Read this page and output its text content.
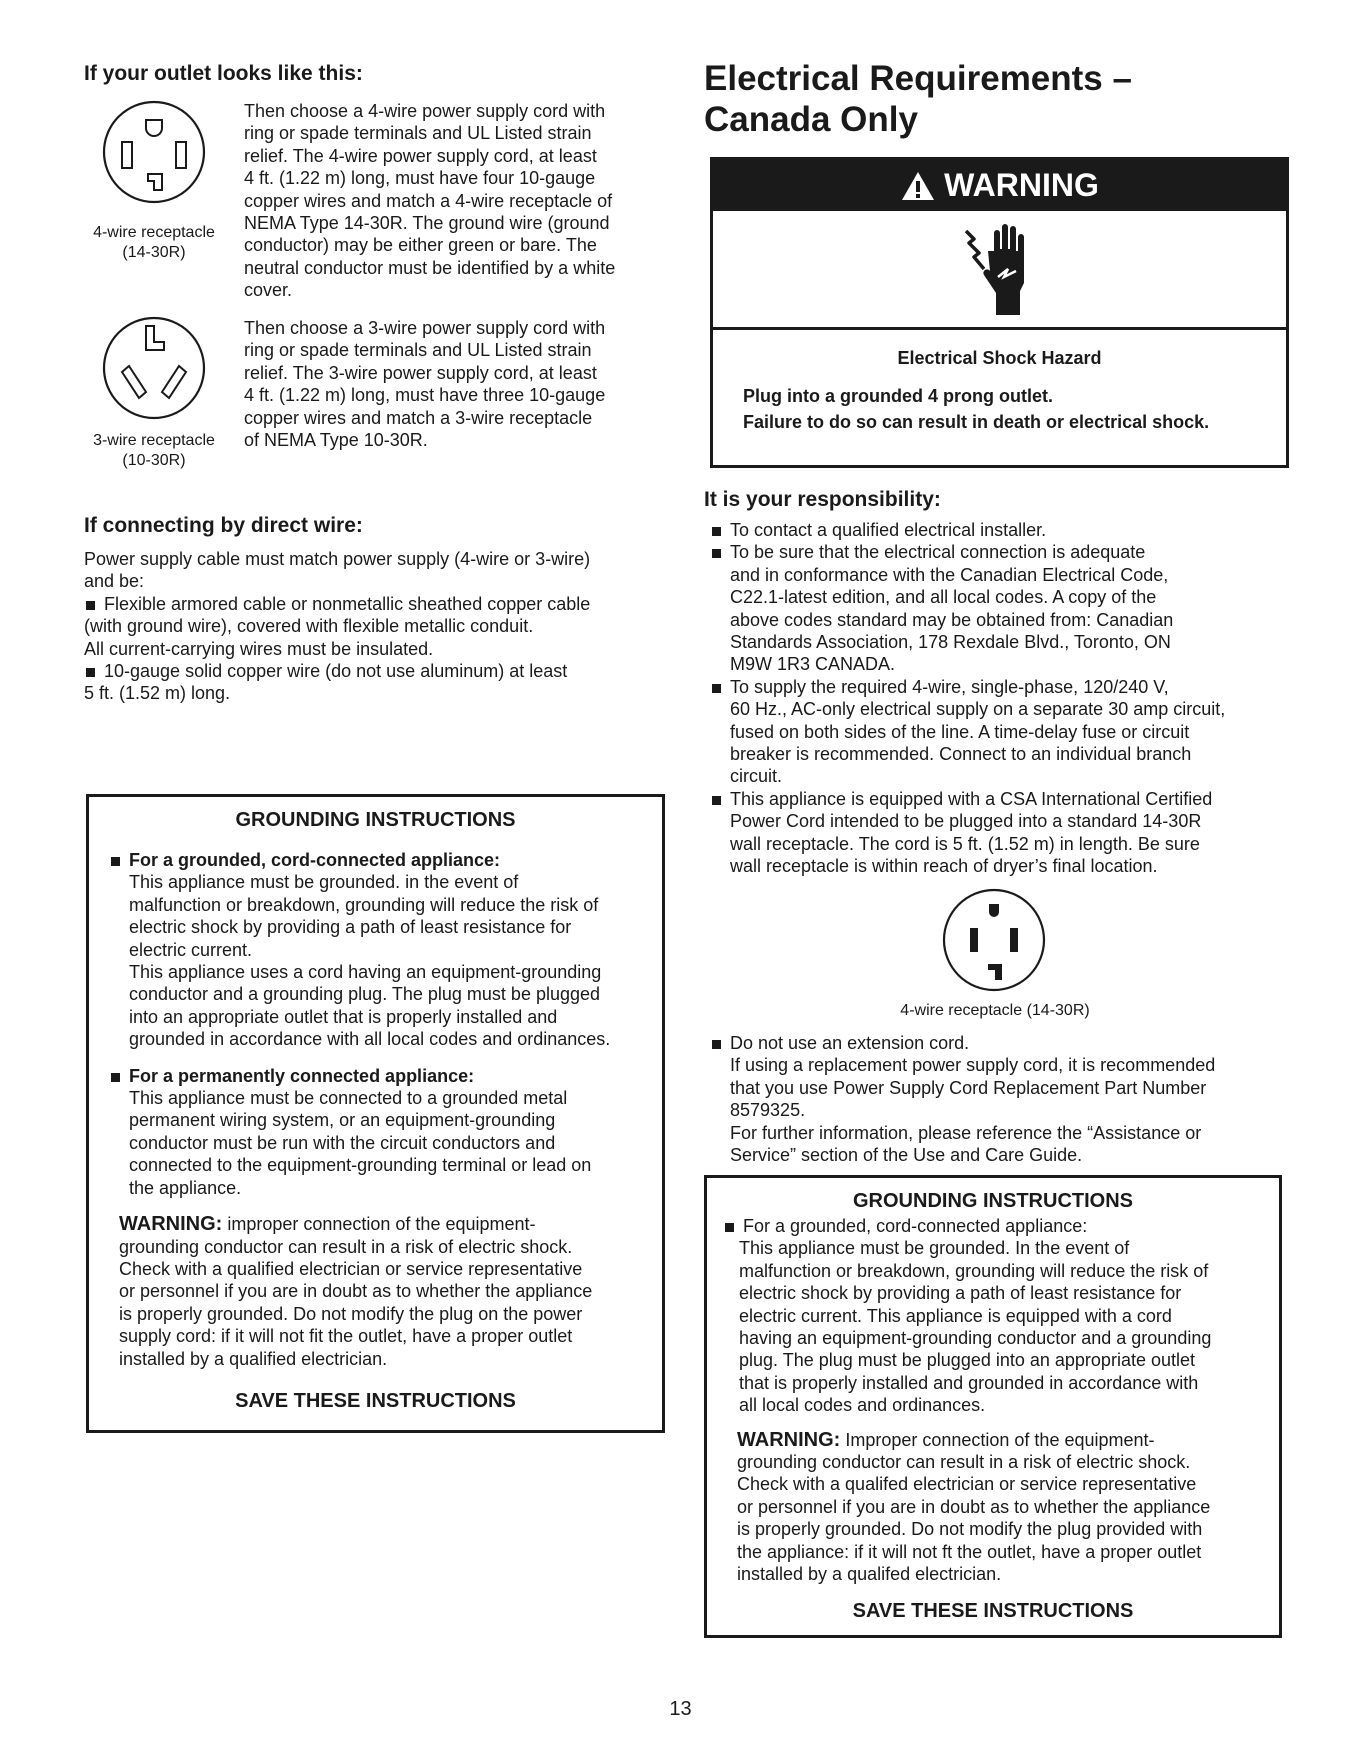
If your outlet looks like this:
4-wire receptacle
(14-30R)
Then choose a 4-wire power supply cord with
ring or spade terminals and UL Listed strain
relief. The 4-wire power supply cord, at least
4 ft. (1.22 m) long, must have four 10-gauge
copper wires and match a 4-wire receptacle of
NEMA Type 14-30R. The ground wire (ground
conductor) may be either green or bare. The
neutral conductor must be identified by a white
cover.
3-wire receptacle
(10-30R)
Then choose a 3-wire power supply cord with
ring or spade terminals and UL Listed strain
relief. The 3-wire power supply cord, at least
4 ft. (1.22 m) long, must have three 10-gauge
copper wires and match a 3-wire receptacle
of NEMA Type 10-30R.
If connecting by direct wire:
Power supply cable must match power supply (4-wire or 3-wire)
and be:
Flexible armored cable or nonmetallic sheathed copper cable
(with ground wire), covered with flexible metallic conduit.
All current-carrying wires must be insulated.
10-gauge solid copper wire (do not use aluminum) at least
5 ft. (1.52 m) long.
GROUNDING INSTRUCTIONS
For a grounded, cord-connected appliance:
This appliance must be grounded. in the event of
malfunction or breakdown, grounding will reduce the risk of
electric shock by providing a path of least resistance for
electric current.
This appliance uses a cord having an equipment-grounding
conductor and a grounding plug. The plug must be plugged
into an appropriate outlet that is properly installed and
grounded in accordance with all local codes and ordinances.
For a permanently connected appliance:
This appliance must be connected to a grounded metal
permanent wiring system, or an equipment-grounding
conductor must be run with the circuit conductors and
connected to the equipment-grounding terminal or lead on
the appliance.
WARNING: improper connection of the equipment-
grounding conductor can result in a risk of electric shock.
Check with a qualified electrician or service representative
or personnel if you are in doubt as to whether the appliance
is properly grounded. Do not modify the plug on the power
supply cord: if it will not fit the outlet, have a proper outlet
installed by a qualified electrician.
SAVE THESE INSTRUCTIONS
Electrical Requirements –
Canada Only
WARNING
Electrical Shock Hazard
Plug into a grounded 4 prong outlet.
Failure to do so can result in death or electrical shock.
It is your responsibility:
To contact a qualified electrical installer.
To be sure that the electrical connection is adequate
and in conformance with the Canadian Electrical Code,
C22.1-latest edition, and all local codes. A copy of the
above codes standard may be obtained from: Canadian
Standards Association, 178 Rexdale Blvd., Toronto, ON
M9W 1R3 CANADA.
To supply the required 4-wire, single-phase, 120/240 V,
60 Hz., AC-only electrical supply on a separate 30 amp circuit,
fused on both sides of the line. A time-delay fuse or circuit
breaker is recommended. Connect to an individual branch
circuit.
This appliance is equipped with a CSA International Certified
Power Cord intended to be plugged into a standard 14-30R
wall receptacle. The cord is 5 ft. (1.52 m) in length. Be sure
wall receptacle is within reach of dryer’s final location.
4-wire receptacle (14-30R)
Do not use an extension cord.
If using a replacement power supply cord, it is recommended
that you use Power Supply Cord Replacement Part Number
8579325.
For further information, please reference the “Assistance or
Service” section of the Use and Care Guide.
GROUNDING INSTRUCTIONS
For a grounded, cord-connected appliance:
This appliance must be grounded. In the event of
malfunction or breakdown, grounding will reduce the risk of
electric shock by providing a path of least resistance for
electric current. This appliance is equipped with a cord
having an equipment-grounding conductor and a grounding
plug. The plug must be plugged into an appropriate outlet
that is properly installed and grounded in accordance with
all local codes and ordinances.
WARNING: Improper connection of the equipment-
grounding conductor can result in a risk of electric shock.
Check with a qualifed electrician or service representative
or personnel if you are in doubt as to whether the appliance
is properly grounded. Do not modify the plug provided with
the appliance: if it will not ft the outlet, have a proper outlet
installed by a qualifed electrician.
SAVE THESE INSTRUCTIONS
13
